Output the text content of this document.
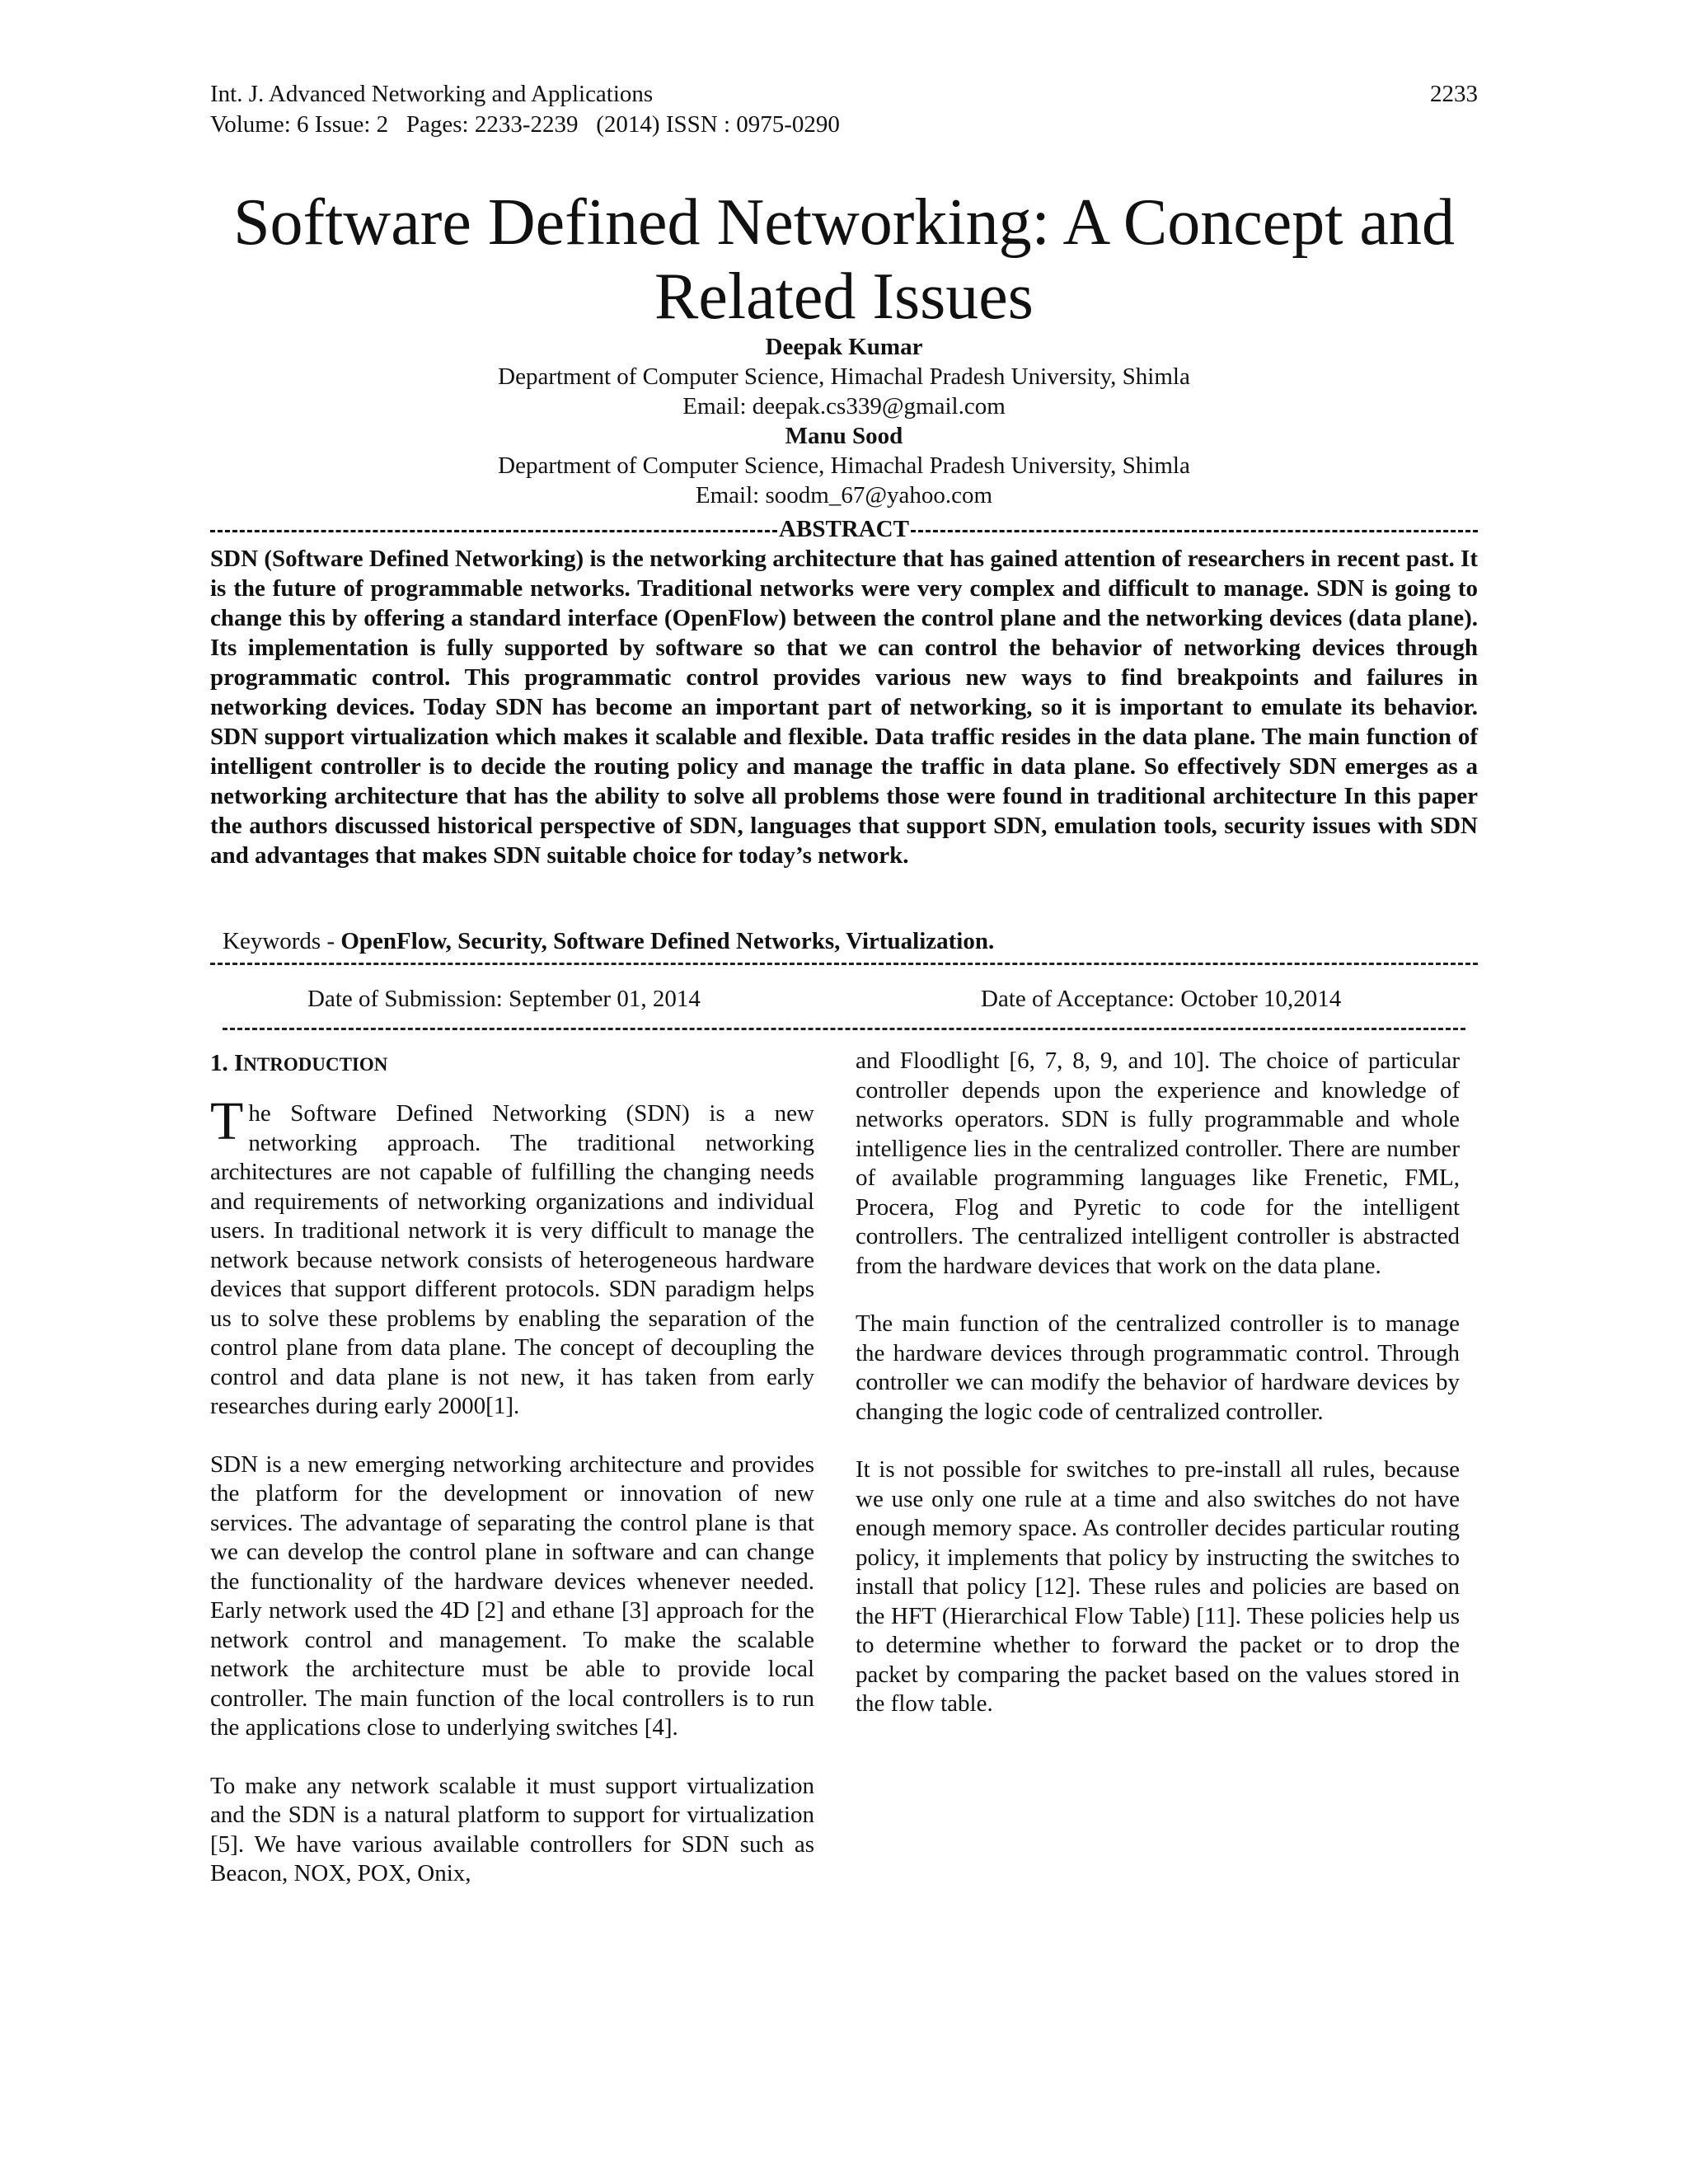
Int. J. Advanced Networking and Applications
Volume: 6 Issue: 2   Pages: 2233-2239   (2014) ISSN : 0975-0290
2233
Software Defined Networking: A Concept and
Related Issues
Deepak Kumar
Department of Computer Science, Himachal Pradesh University, Shimla
Email: deepak.cs339@gmail.com
Manu Sood
Department of Computer Science, Himachal Pradesh University, Shimla
Email: soodm_67@yahoo.com
ABSTRACT

SDN (Software Defined Networking) is the networking architecture that has gained attention of researchers in recent past. It is the future of programmable networks. Traditional networks were very complex and difficult to manage. SDN is going to change this by offering a standard interface (OpenFlow) between the control plane and the networking devices (data plane). Its implementation is fully supported by software so that we can control the behavior of networking devices through programmatic control. This programmatic control provides various new ways to find breakpoints and failures in networking devices. Today SDN has become an important part of networking, so it is important to emulate its behavior. SDN support virtualization which makes it scalable and flexible. Data traffic resides in the data plane. The main function of intelligent controller is to decide the routing policy and manage the traffic in data plane. So effectively SDN emerges as a networking architecture that has the ability to solve all problems those were found in traditional architecture In this paper the authors discussed historical perspective of SDN, languages that support SDN, emulation tools, security issues with SDN and advantages that makes SDN suitable choice for today’s network.

Keywords - OpenFlow, Security, Software Defined Networks, Virtualization.
Date of Submission: September 01, 2014	Date of Acceptance: October 10,2014
1. INTRODUCTION

The Software Defined Networking (SDN) is a new networking approach. The traditional networking architectures are not capable of fulfilling the changing needs and requirements of networking organizations and individual users. In traditional network it is very difficult to manage the network because network consists of heterogeneous hardware devices that support different protocols. SDN paradigm helps us to solve these problems by enabling the separation of the control plane from data plane. The concept of decoupling the control and data plane is not new, it has taken from early researches during early 2000[1].

SDN is a new emerging networking architecture and provides the platform for the development or innovation of new services. The advantage of separating the control plane is that we can develop the control plane in software and can change the functionality of the hardware devices whenever needed. Early network used the 4D [2] and ethane [3] approach for the network control and management. To make the scalable network the architecture must be able to provide local controller. The main function of the local controllers is to run the applications close to underlying switches [4].

To make any network scalable it must support virtualization and the SDN is a natural platform to support for virtualization [5]. We have various available controllers for SDN such as Beacon, NOX, POX, Onix,

and Floodlight [6, 7, 8, 9, and 10]. The choice of particular controller depends upon the experience and knowledge of networks operators. SDN is fully programmable and whole intelligence lies in the centralized controller. There are number of available programming languages like Frenetic, FML, Procera, Flog and Pyretic to code for the intelligent controllers. The centralized intelligent controller is abstracted from the hardware devices that work on the data plane.

The main function of the centralized controller is to manage the hardware devices through programmatic control. Through controller we can modify the behavior of hardware devices by changing the logic code of centralized controller.

It is not possible for switches to pre-install all rules, because we use only one rule at a time and also switches do not have enough memory space. As controller decides particular routing policy, it implements that policy by instructing the switches to install that policy [12]. These rules and policies are based on the HFT (Hierarchical Flow Table) [11]. These policies help us to determine whether to forward the packet or to drop the packet by comparing the packet based on the values stored in the flow table.
